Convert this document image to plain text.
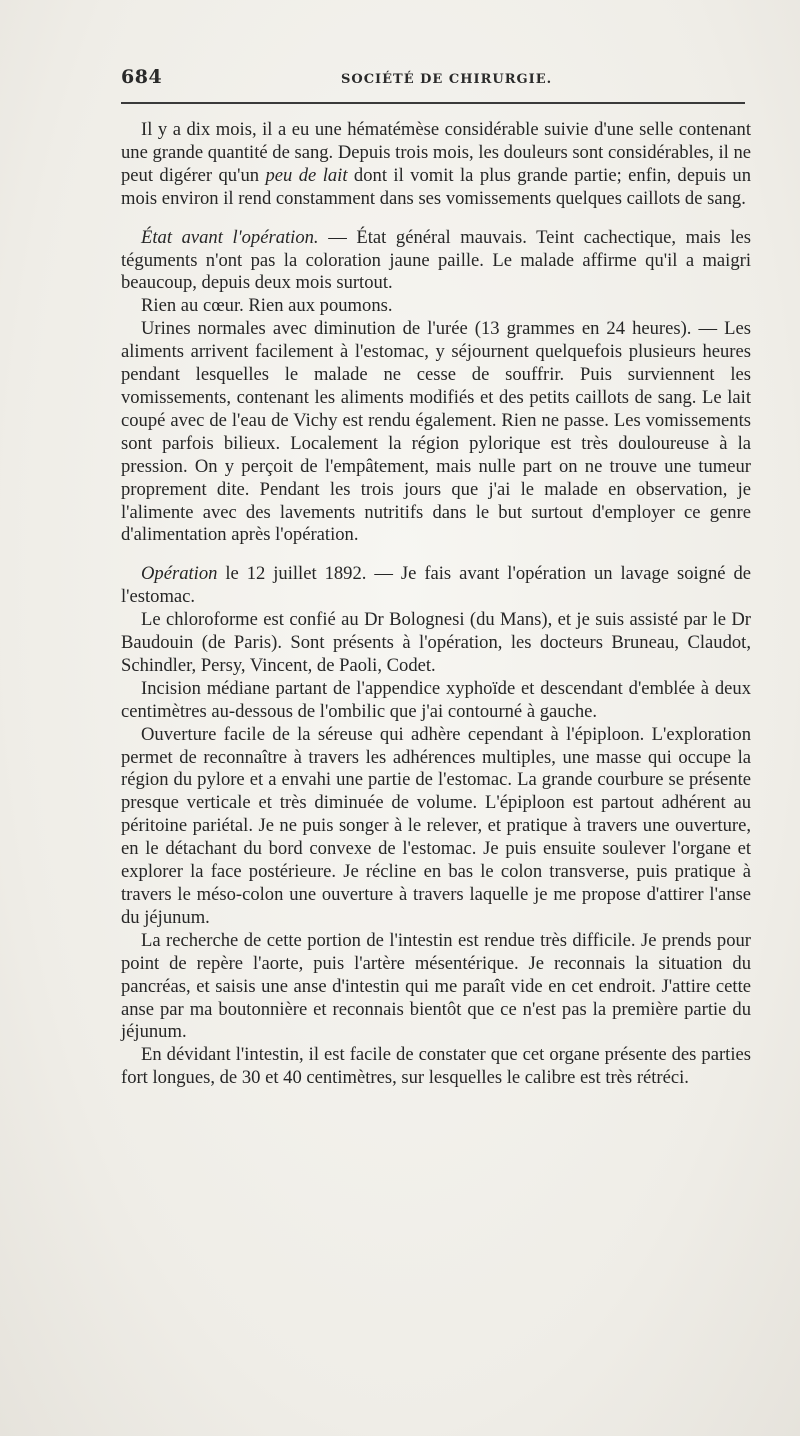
684	SOCIÉTÉ DE CHIRURGIE.

Il y a dix mois, il a eu une hématémèse considérable suivie d'une selle contenant une grande quantité de sang. Depuis trois mois, les douleurs sont considérables, il ne peut digérer qu'un peu de lait dont il vomit la plus grande partie; enfin, depuis un mois environ il rend constamment dans ses vomissements quelques caillots de sang.

État avant l'opération. — État général mauvais. Teint cachectique, mais les téguments n'ont pas la coloration jaune paille. Le malade affirme qu'il a maigri beaucoup, depuis deux mois surtout.

Rien au cœur. Rien aux poumons.

Urines normales avec diminution de l'urée (13 grammes en 24 heures). — Les aliments arrivent facilement à l'estomac, y séjournent quelquefois plusieurs heures pendant lesquelles le malade ne cesse de souffrir. Puis surviennent les vomissements, contenant les aliments modifiés et des petits caillots de sang. Le lait coupé avec de l'eau de Vichy est rendu également. Rien ne passe. Les vomissements sont parfois bilieux. Localement la région pylorique est très douloureuse à la pression. On y perçoit de l'empâtement, mais nulle part on ne trouve une tumeur proprement dite. Pendant les trois jours que j'ai le malade en observation, je l'alimente avec des lavements nutritifs dans le but surtout d'employer ce genre d'alimentation après l'opération.

Opération le 12 juillet 1892. — Je fais avant l'opération un lavage soigné de l'estomac.

Le chloroforme est confié au Dr Bolognesi (du Mans), et je suis assisté par le Dr Baudouin (de Paris). Sont présents à l'opération, les docteurs Bruneau, Claudot, Schindler, Persy, Vincent, de Paoli, Codet.

Incision médiane partant de l'appendice xyphoïde et descendant d'emblée à deux centimètres au-dessous de l'ombilic que j'ai contourné à gauche.

Ouverture facile de la séreuse qui adhère cependant à l'épiploon. L'exploration permet de reconnaître à travers les adhérences multiples, une masse qui occupe la région du pylore et a envahi une partie de l'estomac. La grande courbure se présente presque verticale et très diminuée de volume. L'épiploon est partout adhérent au péritoine pariétal. Je ne puis songer à le relever, et pratique à travers une ouverture, en le détachant du bord convexe de l'estomac. Je puis ensuite soulever l'organe et explorer la face postérieure. Je récline en bas le colon transverse, puis pratique à travers le méso-colon une ouverture à travers laquelle je me propose d'attirer l'anse du jéjunum.

La recherche de cette portion de l'intestin est rendue très difficile. Je prends pour point de repère l'aorte, puis l'artère mésentérique. Je reconnais la situation du pancréas, et saisis une anse d'intestin qui me paraît vide en cet endroit. J'attire cette anse par ma boutonnière et reconnais bientôt que ce n'est pas la première partie du jéjunum.

En dévidant l'intestin, il est facile de constater que cet organe présente des parties fort longues, de 30 et 40 centimètres, sur lesquelles le calibre est très rétréci.
